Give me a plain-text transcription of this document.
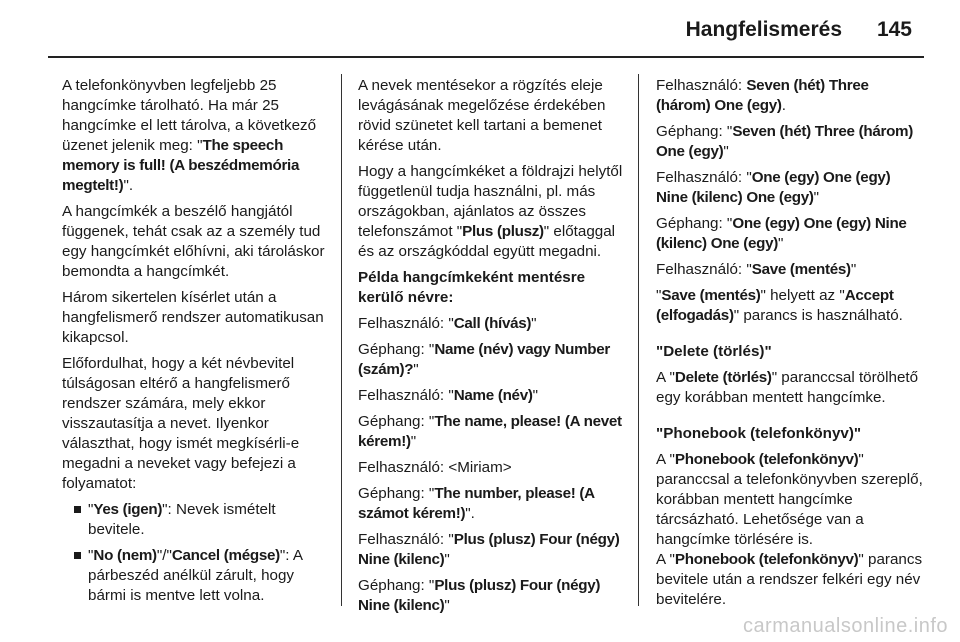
Hangfelismerés 145

A telefonkönyvben legfeljebb 25 hangcímke tárolható. Ha már 25 hangcímke el lett tárolva, a következő üzenet jelenik meg: "The speech memory is full! (A beszédmemória megtelt!)".

A hangcímkék a beszélő hangjától függenek, tehát csak az a személy tud egy hangcímkét előhívni, aki tároláskor bemondta a hangcímkét.

Három sikertelen kísérlet után a hangfelismerő rendszer automatikusan kikapcsol.

Előfordulhat, hogy a két névbevitel túlságosan eltérő a hangfelismerő rendszer számára, mely ekkor visszautasítja a nevet. Ilyenkor választhat, hogy ismét megkísérli-e megadni a neveket vagy befejezi a folyamatot:

"Yes (igen)": Nevek ismételt bevitele.
"No (nem)"/"Cancel (mégse)": A párbeszéd anélkül zárult, hogy bármi is mentve lett volna.

A nevek mentésekor a rögzítés eleje levágásának megelőzése érdekében rövid szünetet kell tartani a bemenet kérése után.

Hogy a hangcímkéket a földrajzi helytől függetlenül tudja használni, pl. más országokban, ajánlatos az összes telefonszámot "Plus (plusz)" előtaggal és az országkóddal együtt megadni.

Példa hangcímkeként mentésre kerülő névre:

Felhasználó: "Call (hívás)"

Géphang: "Name (név) vagy Number (szám)?"

Felhasználó: "Name (név)"

Géphang: "The name, please! (A nevet kérem!)"

Felhasználó: <Miriam>

Géphang: "The number, please! (A számot kérem!)".

Felhasználó: "Plus (plusz) Four (négy) Nine (kilenc)"

Géphang: "Plus (plusz) Four (négy) Nine (kilenc)"

Felhasználó: Seven (hét) Three (három) One (egy).

Géphang: "Seven (hét) Three (három) One (egy)"

Felhasználó: "One (egy) One (egy) Nine (kilenc) One (egy)"

Géphang: "One (egy) One (egy) Nine (kilenc) One (egy)"

Felhasználó: "Save (mentés)"

"Save (mentés)" helyett az "Accept (elfogadás)" parancs is használható.

"Delete (törlés)"

A "Delete (törlés)" paranccsal törölhető egy korábban mentett hangcímke.

"Phonebook (telefonkönyv)"

A "Phonebook (telefonkönyv)" paranccsal a telefonkönyvben szereplő, korábban mentett hangcímke tárcsázható. Lehetősége van a hangcímke törlésére is.

A "Phonebook (telefonkönyv)" parancs bevitele után a rendszer felkéri egy név bevitelére.

carmanualsonline.info
